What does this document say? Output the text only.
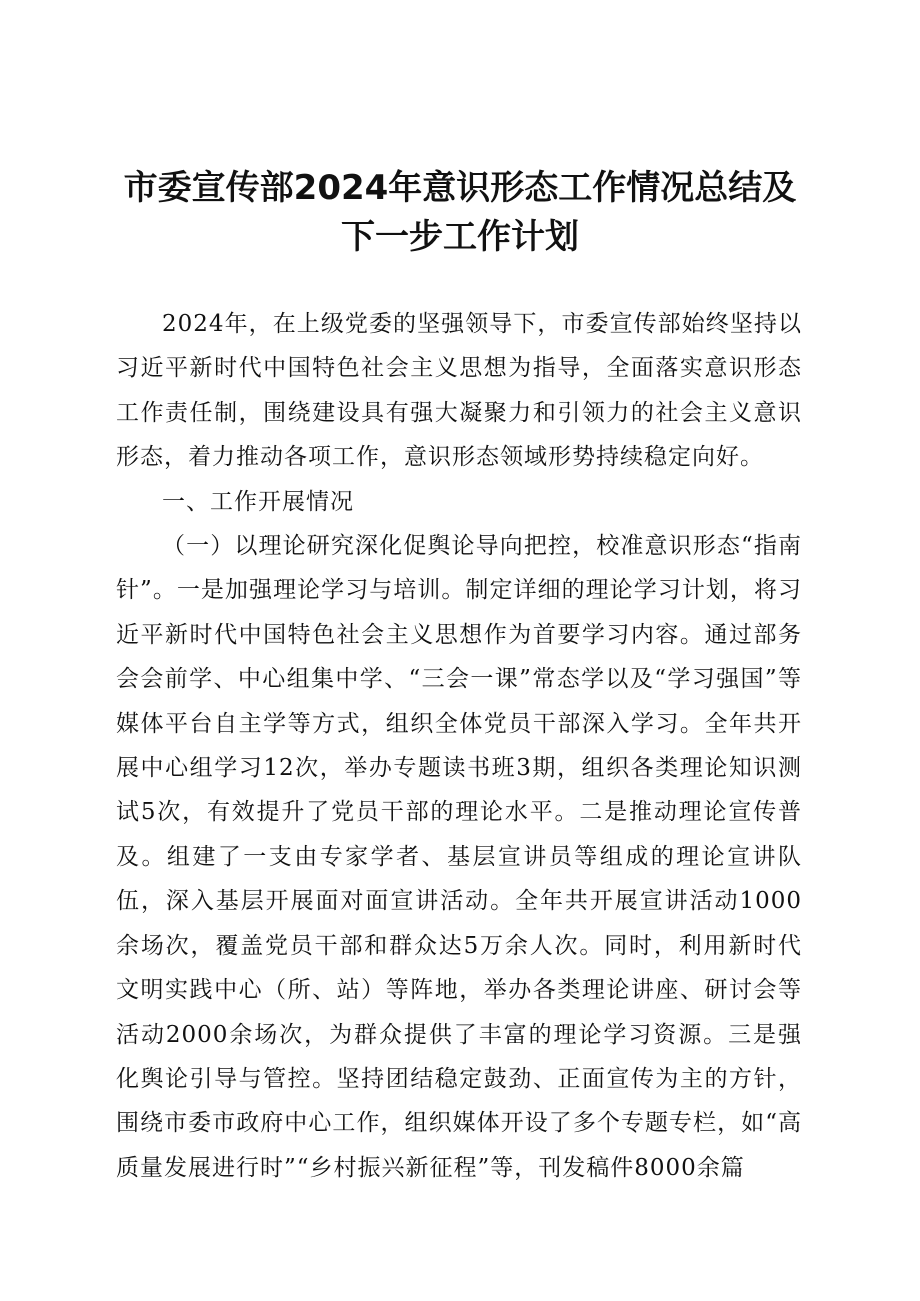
市委宣传部2024年意识形态工作情况总结及
下一步工作计划

2024年，在上级党委的坚强领导下，市委宣传部始终坚持以习近平新时代中国特色社会主义思想为指导，全面落实意识形态工作责任制，围绕建设具有强大凝聚力和引领力的社会主义意识形态，着力推动各项工作，意识形态领域形势持续稳定向好。

一、工作开展情况

（一）以理论研究深化促舆论导向把控，校准意识形态“指南针”。一是加强理论学习与培训。制定详细的理论学习计划，将习近平新时代中国特色社会主义思想作为首要学习内容。通过部务会会前学、中心组集中学、“三会一课”常态学以及“学习强国”等媒体平台自主学等方式，组织全体党员干部深入学习。全年共开展中心组学习12次，举办专题读书班3期，组织各类理论知识测试5次，有效提升了党员干部的理论水平。二是推动理论宣传普及。组建了一支由专家学者、基层宣讲员等组成的理论宣讲队伍，深入基层开展面对面宣讲活动。全年共开展宣讲活动1000余场次，覆盖党员干部和群众达5万余人次。同时，利用新时代文明实践中心（所、站）等阵地，举办各类理论讲座、研讨会等活动2000余场次，为群众提供了丰富的理论学习资源。三是强化舆论引导与管控。坚持团结稳定鼓劲、正面宣传为主的方针，围绕市委市政府中心工作，组织媒体开设了多个专题专栏，如“高质量发展进行时”“乡村振兴新征程”等，刊发稿件8000余篇
